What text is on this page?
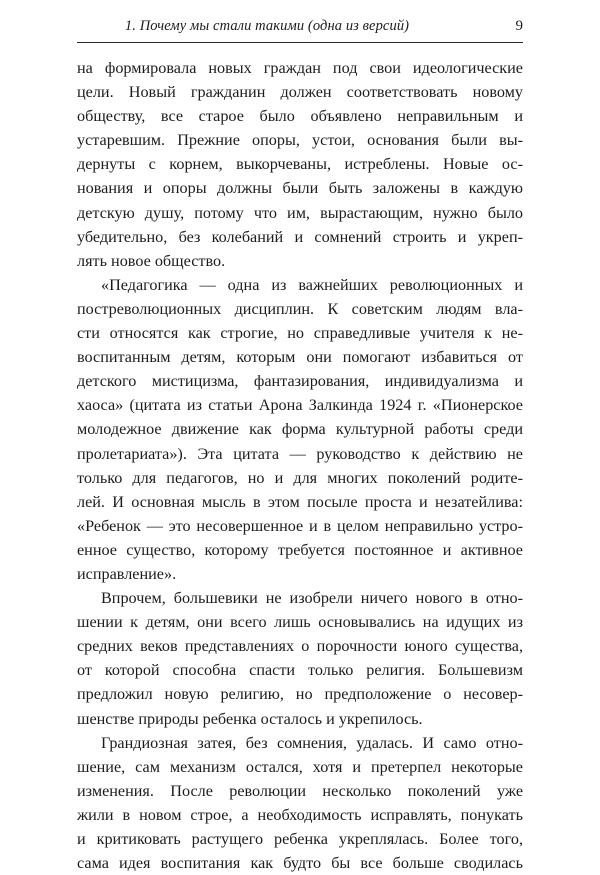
1. Почему мы стали такими (одна из версий)	9
на формировала новых граждан под свои идеологические
цели. Новый гражданин должен соответствовать новому
обществу, все старое было объявлено неправильным и
устаревшим. Прежние опоры, устои, основания были вы-
дернуты с корнем, выкорчеваны, истреблены. Новые ос-
нования и опоры должны были быть заложены в каждую
детскую душу, потому что им, вырастающим, нужно было
убедительно, без колебаний и сомнений строить и укреп-
лять новое общество.
«Педагогика — одна из важнейших революционных и
постреволюционных дисциплин. К советским людям вла-
сти относятся как строгие, но справедливые учителя к не-
воспитанным детям, которым они помогают избавиться от
детского мистицизма, фантазирования, индивидуализма и
хаоса» (цитата из статьи Арона Залкинда 1924 г. «Пионерское
молодежное движение как форма культурной работы среди
пролетариата»). Эта цитата — руководство к действию не
только для педагогов, но и для многих поколений родите-
лей. И основная мысль в этом посыле проста и незатейлива:
«Ребенок — это несовершенное и в целом неправильно устро-
енное существо, которому требуется постоянное и активное
исправление».
Впрочем, большевики не изобрели ничего нового в отно-
шении к детям, они всего лишь основывались на идущих из
средних веков представлениях о порочности юного существа,
от которой способна спасти только религия. Большевизм
предложил новую религию, но предположение о несовер-
шенстве природы ребенка осталось и укрепилось.
Грандиозная затея, без сомнения, удалась. И само отно-
шение, сам механизм остался, хотя и претерпел некоторые
изменения. После революции несколько поколений уже
жили в новом строе, а необходимость исправлять, понукать
и критиковать растущего ребенка укреплялась. Более того,
сама идея воспитания как будто бы все больше сводилась
